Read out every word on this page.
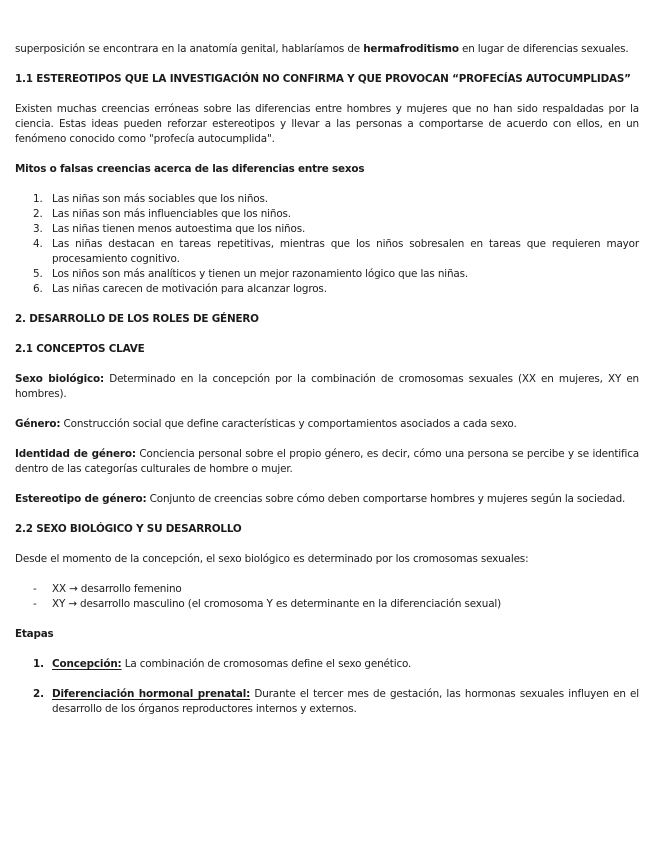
superposición se encontrara en la anatomía genital, hablaríamos de hermafroditismo en lugar de diferencias sexuales.

1.1 ESTEREOTIPOS QUE LA INVESTIGACIÓN NO CONFIRMA Y QUE PROVOCAN “PROFECÍAS AUTOCUMPLIDAS”

Existen muchas creencias erróneas sobre las diferencias entre hombres y mujeres que no han sido respaldadas por la ciencia. Estas ideas pueden reforzar estereotipos y llevar a las personas a comportarse de acuerdo con ellos, en un fenómeno conocido como "profecía autocumplida".

Mitos o falsas creencias acerca de las diferencias entre sexos

1. Las niñas son más sociables que los niños.
2. Las niñas son más influenciables que los niños.
3. Las niñas tienen menos autoestima que los niños.
4. Las niñas destacan en tareas repetitivas, mientras que los niños sobresalen en tareas que requieren mayor procesamiento cognitivo.
5. Los niños son más analíticos y tienen un mejor razonamiento lógico que las niñas.
6. Las niñas carecen de motivación para alcanzar logros.

2. DESARROLLO DE LOS ROLES DE GÉNERO

2.1 CONCEPTOS CLAVE

Sexo biológico: Determinado en la concepción por la combinación de cromosomas sexuales (XX en mujeres, XY en hombres).

Género: Construcción social que define características y comportamientos asociados a cada sexo.

Identidad de género: Conciencia personal sobre el propio género, es decir, cómo una persona se percibe y se identifica dentro de las categorías culturales de hombre o mujer.

Estereotipo de género: Conjunto de creencias sobre cómo deben comportarse hombres y mujeres según la sociedad.

2.2 SEXO BIOLÓGICO Y SU DESARROLLO

Desde el momento de la concepción, el sexo biológico es determinado por los cromosomas sexuales:

- XX → desarrollo femenino
- XY → desarrollo masculino (el cromosoma Y es determinante en la diferenciación sexual)

Etapas

1. Concepción: La combinación de cromosomas define el sexo genético.
2. Diferenciación hormonal prenatal: Durante el tercer mes de gestación, las hormonas sexuales influyen en el desarrollo de los órganos reproductores internos y externos.
